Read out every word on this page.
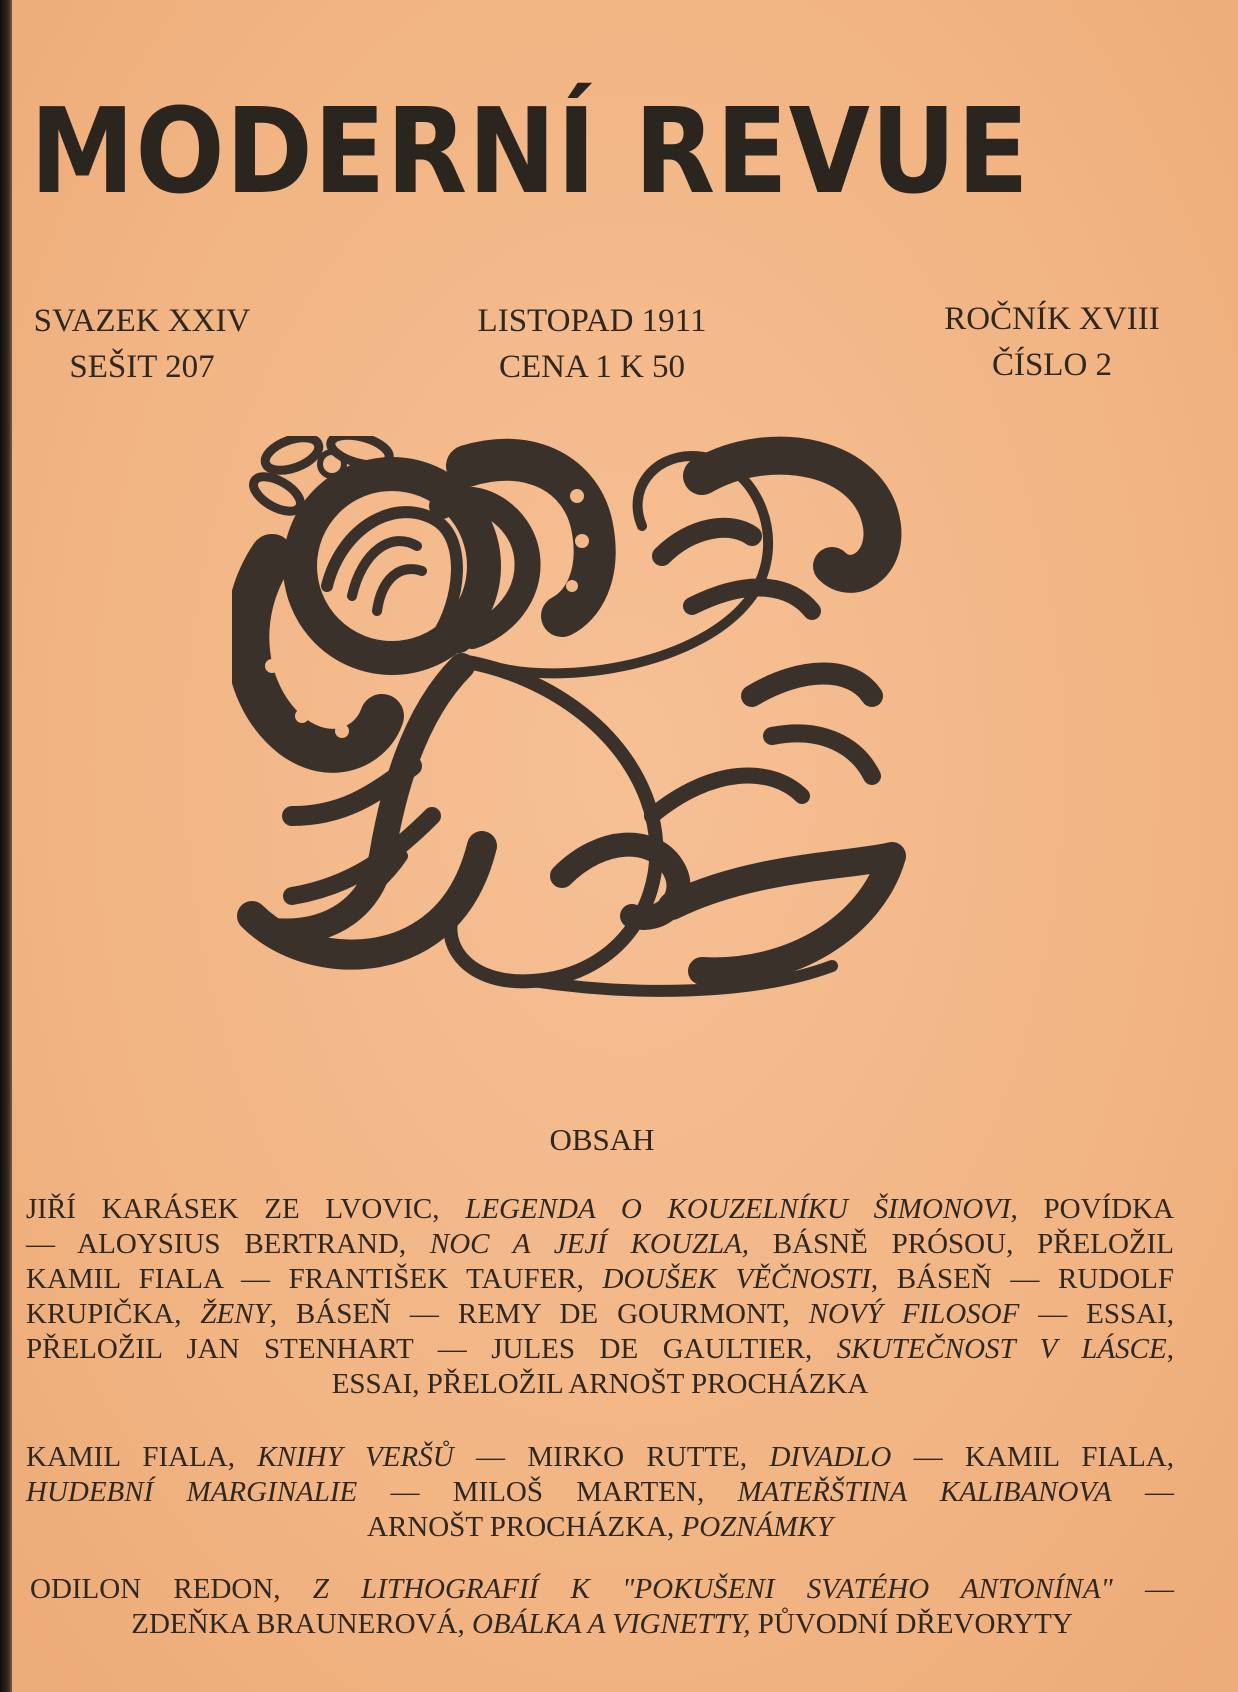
MODERNÍ REVUE
SVAZEK XXIV
SEŠIT 207
LISTOPAD 1911
CENA 1 K 50
ROČNÍK XVIII
ČÍSLO 2
OBSAH
JIŘÍ KARÁSEK ZE LVOVIC, LEGENDA O KOUZELNÍKU ŠIMONOVI, POVÍDKA
— ALOYSIUS BERTRAND, NOC A JEJÍ KOUZLA, BÁSNĚ PRÓSOU, PŘELOŽIL
KAMIL FIALA — FRANTIŠEK TAUFER, DOUŠEK VĚČNOSTI, BÁSEŇ — RUDOLF
KRUPIČKA, ŽENY, BÁSEŇ — REMY DE GOURMONT, NOVÝ FILOSOF — ESSAI,
PŘELOŽIL JAN STENHART — JULES DE GAULTIER, SKUTEČNOST V LÁSCE,
ESSAI, PŘELOŽIL ARNOŠT PROCHÁZKA
KAMIL FIALA, KNIHY VERŠŮ — MIRKO RUTTE, DIVADLO — KAMIL FIALA,
HUDEBNÍ MARGINALIE — MILOŠ MARTEN, MATEŘŠTINA KALIBANOVA —
ARNOŠT PROCHÁZKA, POZNÁMKY
ODILON REDON, Z LITHOGRAFIÍ K "POKUŠENI SVATÉHO ANTONÍNA" —
ZDEŇKA BRAUNEROVÁ, OBÁLKA A VIGNETTY, PŮVODNÍ DŘEVORYTY
